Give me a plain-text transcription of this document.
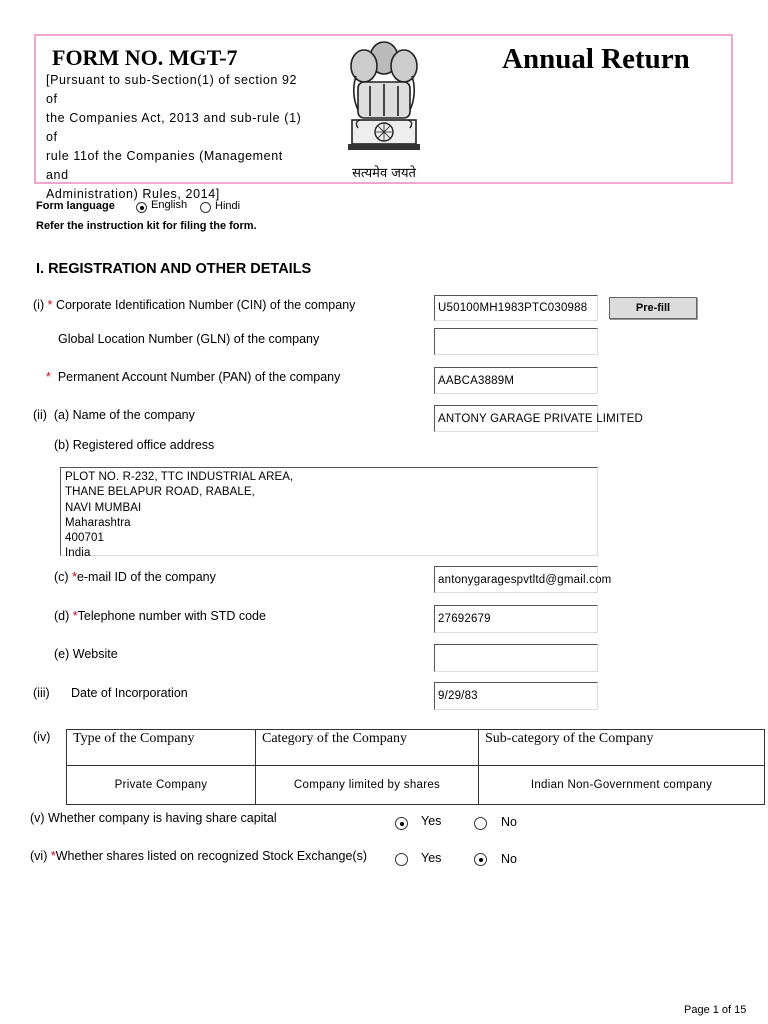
FORM NO. MGT-7
[Pursuant to sub-Section(1) of section 92 of
the Companies Act, 2013 and sub-rule (1) of
rule 11of the Companies (Management and
Administration) Rules, 2014]
Annual Return
सत्यमेव जयते
Form language	English	Hindi
Refer the instruction kit for filing the form.
I. REGISTRATION AND OTHER DETAILS
(i) * Corporate Identification Number (CIN) of the company	U50100MH1983PTC030988	Pre-fill
Global Location Number (GLN) of the company
* Permanent Account Number (PAN) of the company	AABCA3889M
(ii) (a) Name of the company	ANTONY GARAGE PRIVATE LIMITED
(b) Registered office address
PLOT NO. R-232, TTC INDUSTRIAL AREA,
THANE BELAPUR ROAD, RABALE,
NAVI MUMBAI
Maharashtra
400701
India
(c) *e-mail ID of the company	antonygaragespvtltd@gmail.com
(d) *Telephone number with STD code	27692679
(e) Website
(iii) Date of Incorporation	9/29/83
(iv) Type of the Company	Category of the Company	Sub-category of the Company
Private Company	Company limited by shares	Indian Non-Government company
(v) Whether company is having share capital	Yes	No
(vi) *Whether shares listed on recognized Stock Exchange(s)	Yes	No
Page 1 of 15
